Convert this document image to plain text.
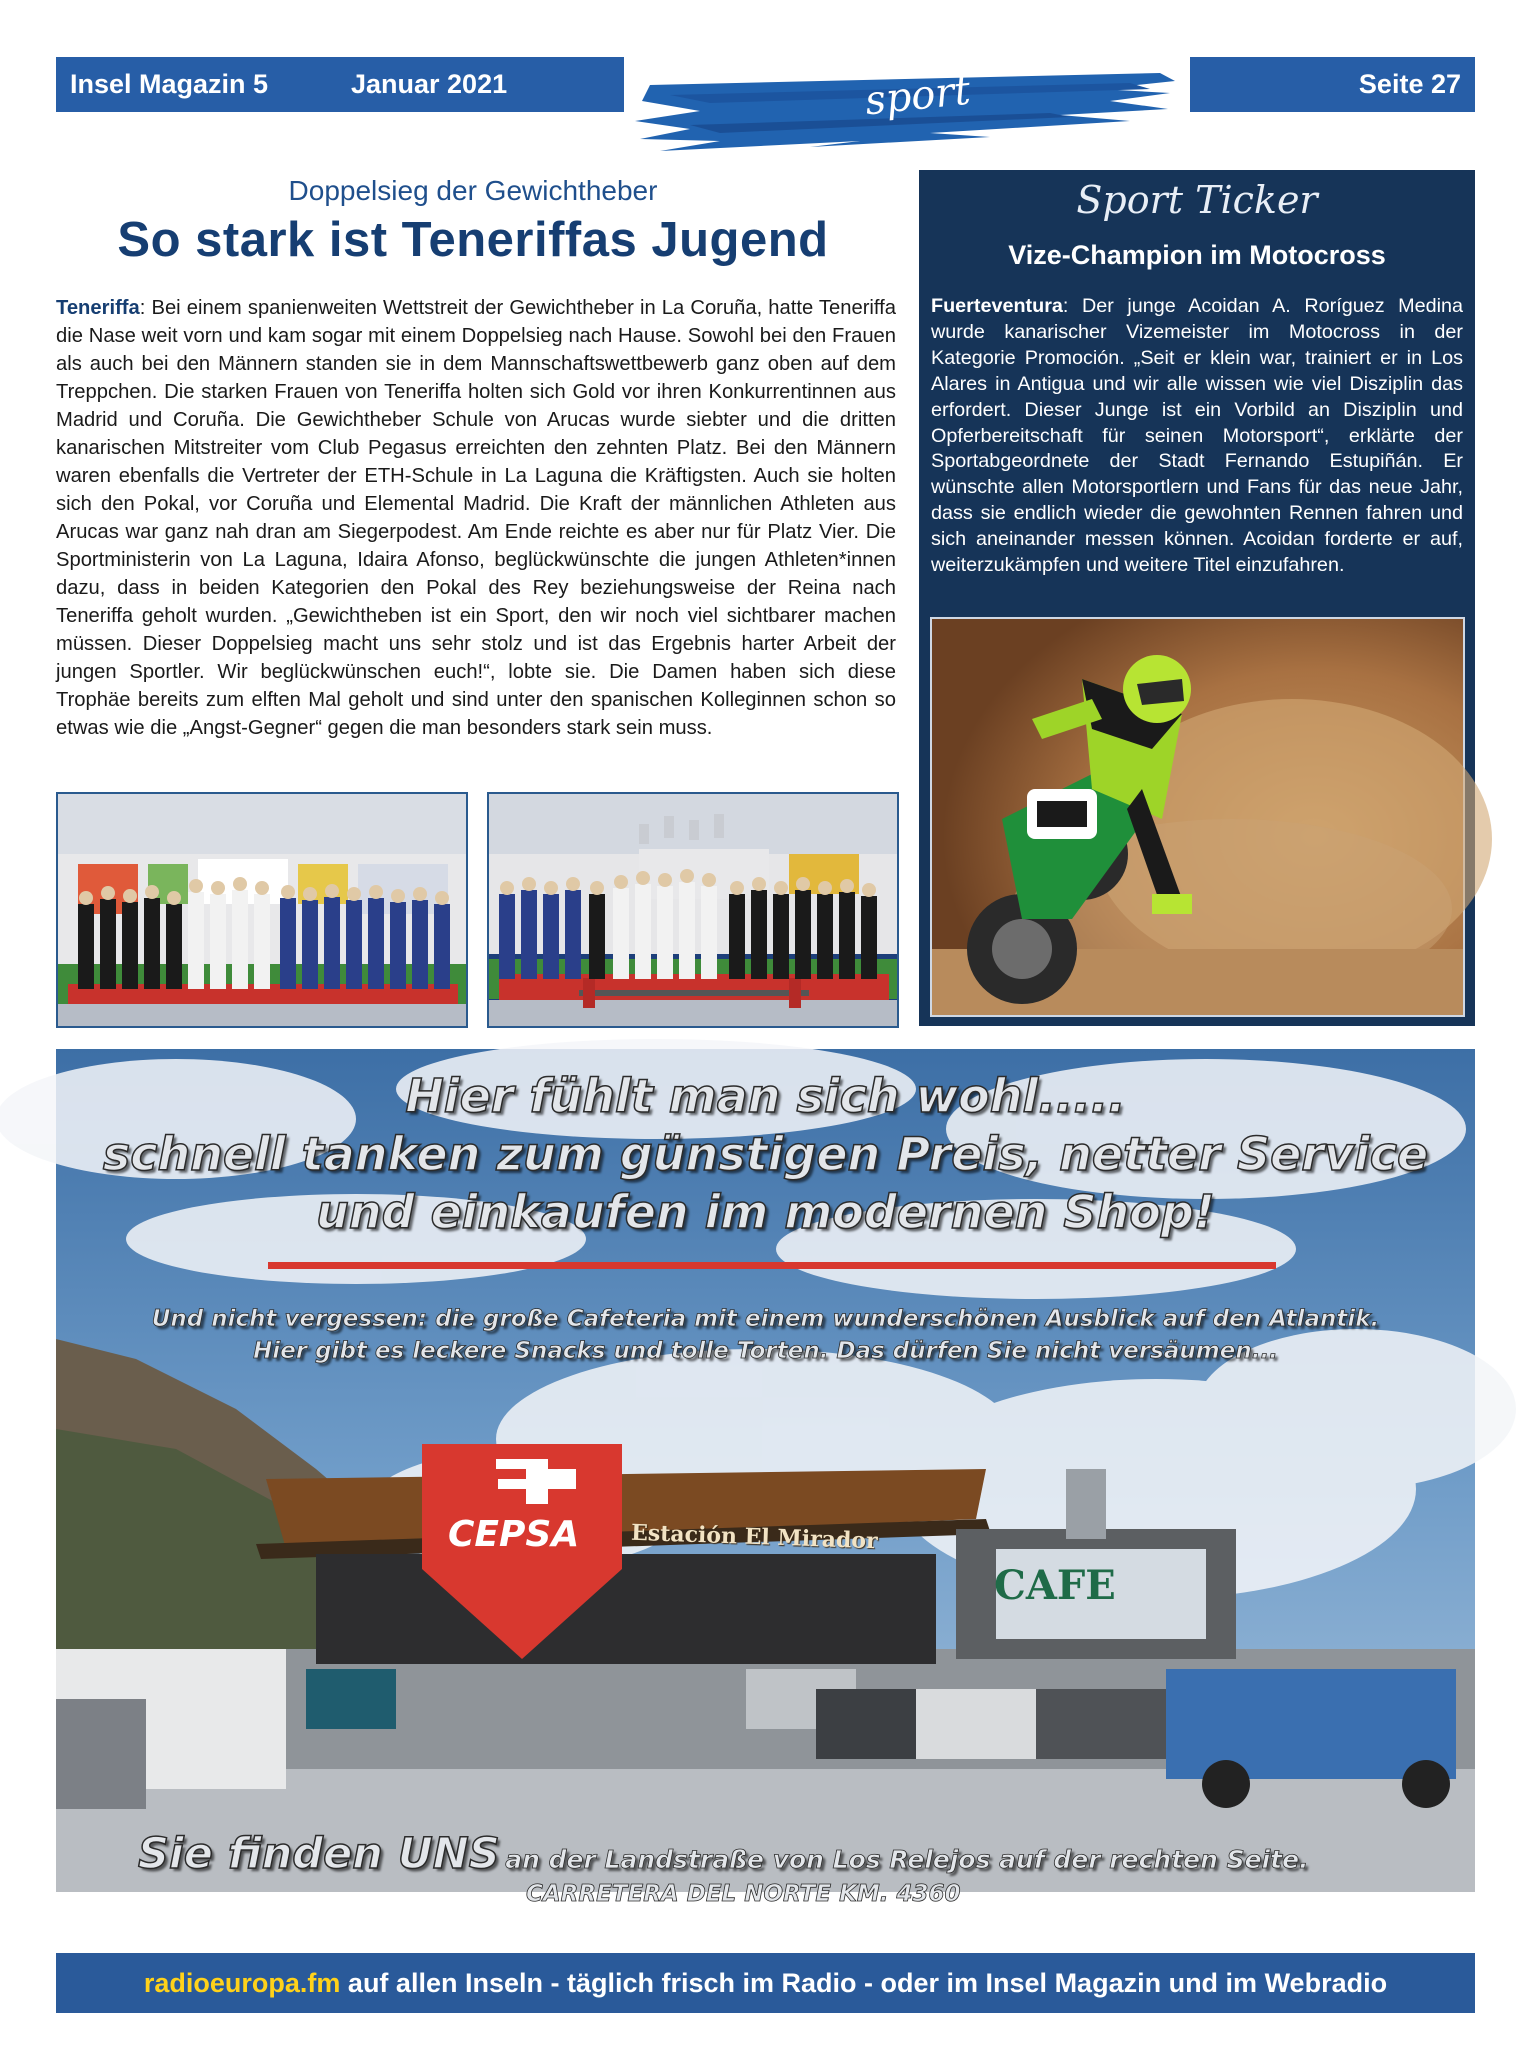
Insel Magazin 5	Januar 2021	sport	Seite 27
Doppelsieg der Gewichtheber
So stark ist Teneriffas Jugend
Teneriffa: Bei einem spanienweiten Wettstreit der Gewichtheber in La Coruña, hatte Teneriffa die Nase weit vorn und kam sogar mit einem Doppelsieg nach Hause. Sowohl bei den Frauen als auch bei den Männern standen sie in dem Mannschaftswettbewerb ganz oben auf dem Treppchen. Die starken Frauen von Teneriffa holten sich Gold vor ihren Konkurrentinnen aus Madrid und Coruña. Die Gewichtheber Schule von Arucas wurde siebter und die dritten kanarischen Mitstreiter vom Club Pegasus erreichten den zehnten Platz. Bei den Männern waren ebenfalls die Vertreter der ETH-Schule in La Laguna die Kräftigsten. Auch sie holten sich den Pokal, vor Coruña und Elemental Madrid. Die Kraft der männlichen Athleten aus Arucas war ganz nah dran am Siegerpodest. Am Ende reichte es aber nur für Platz Vier. Die Sportministerin von La Laguna, Idaira Afonso, beglückwünschte die jungen Athleten*innen dazu, dass in beiden Kategorien den Pokal des Rey beziehungsweise der Reina nach Teneriffa geholt wurden. „Gewichtheben ist ein Sport, den wir noch viel sichtbarer machen müssen. Dieser Doppelsieg macht uns sehr stolz und ist das Ergebnis harter Arbeit der jungen Sportler. Wir beglückwünschen euch!“, lobte sie. Die Damen haben sich diese Trophäe bereits zum elften Mal geholt und sind unter den spanischen Kolleginnen schon so etwas wie die „Angst-Gegner“ gegen die man besonders stark sein muss.
Sport Ticker
Vize-Champion im Motocross
Fuerteventura: Der junge Acoidan A. Roríguez Medina wurde kanarischer Vizemeister im Motocross in der Kategorie Promoción. „Seit er klein war, trainiert er in Los Alares in Antigua und wir alle wissen wie viel Disziplin das erfordert. Dieser Junge ist ein Vorbild an Disziplin und Opferbereitschaft für seinen Motorsport“, erklärte der Sportabgeordnete der Stadt Fernando Estupiñán. Er wünschte allen Motorsportlern und Fans für das neue Jahr, dass sie endlich wieder die gewohnten Rennen fahren und sich aneinander messen können. Acoidan forderte er auf, weiterzukämpfen und weitere Titel einzufahren.
Hier fühlt man sich wohl.....
schnell tanken zum günstigen Preis, netter Service
und einkaufen im modernen Shop!
Und nicht vergessen: die große Cafeteria mit einem wunderschönen Ausblick auf den Atlantik.
Hier gibt es leckere Snacks und tolle Torten. Das dürfen Sie nicht versäumen...
CEPSA Estación El Mirador
CAFE
Sie finden UNS an der Landstraße von Los Relejos auf der rechten Seite.
CARRETERA DEL NORTE KM. 4360
radioeuropa.fm auf allen Inseln - täglich frisch im Radio - oder im Insel Magazin und im Webradio
